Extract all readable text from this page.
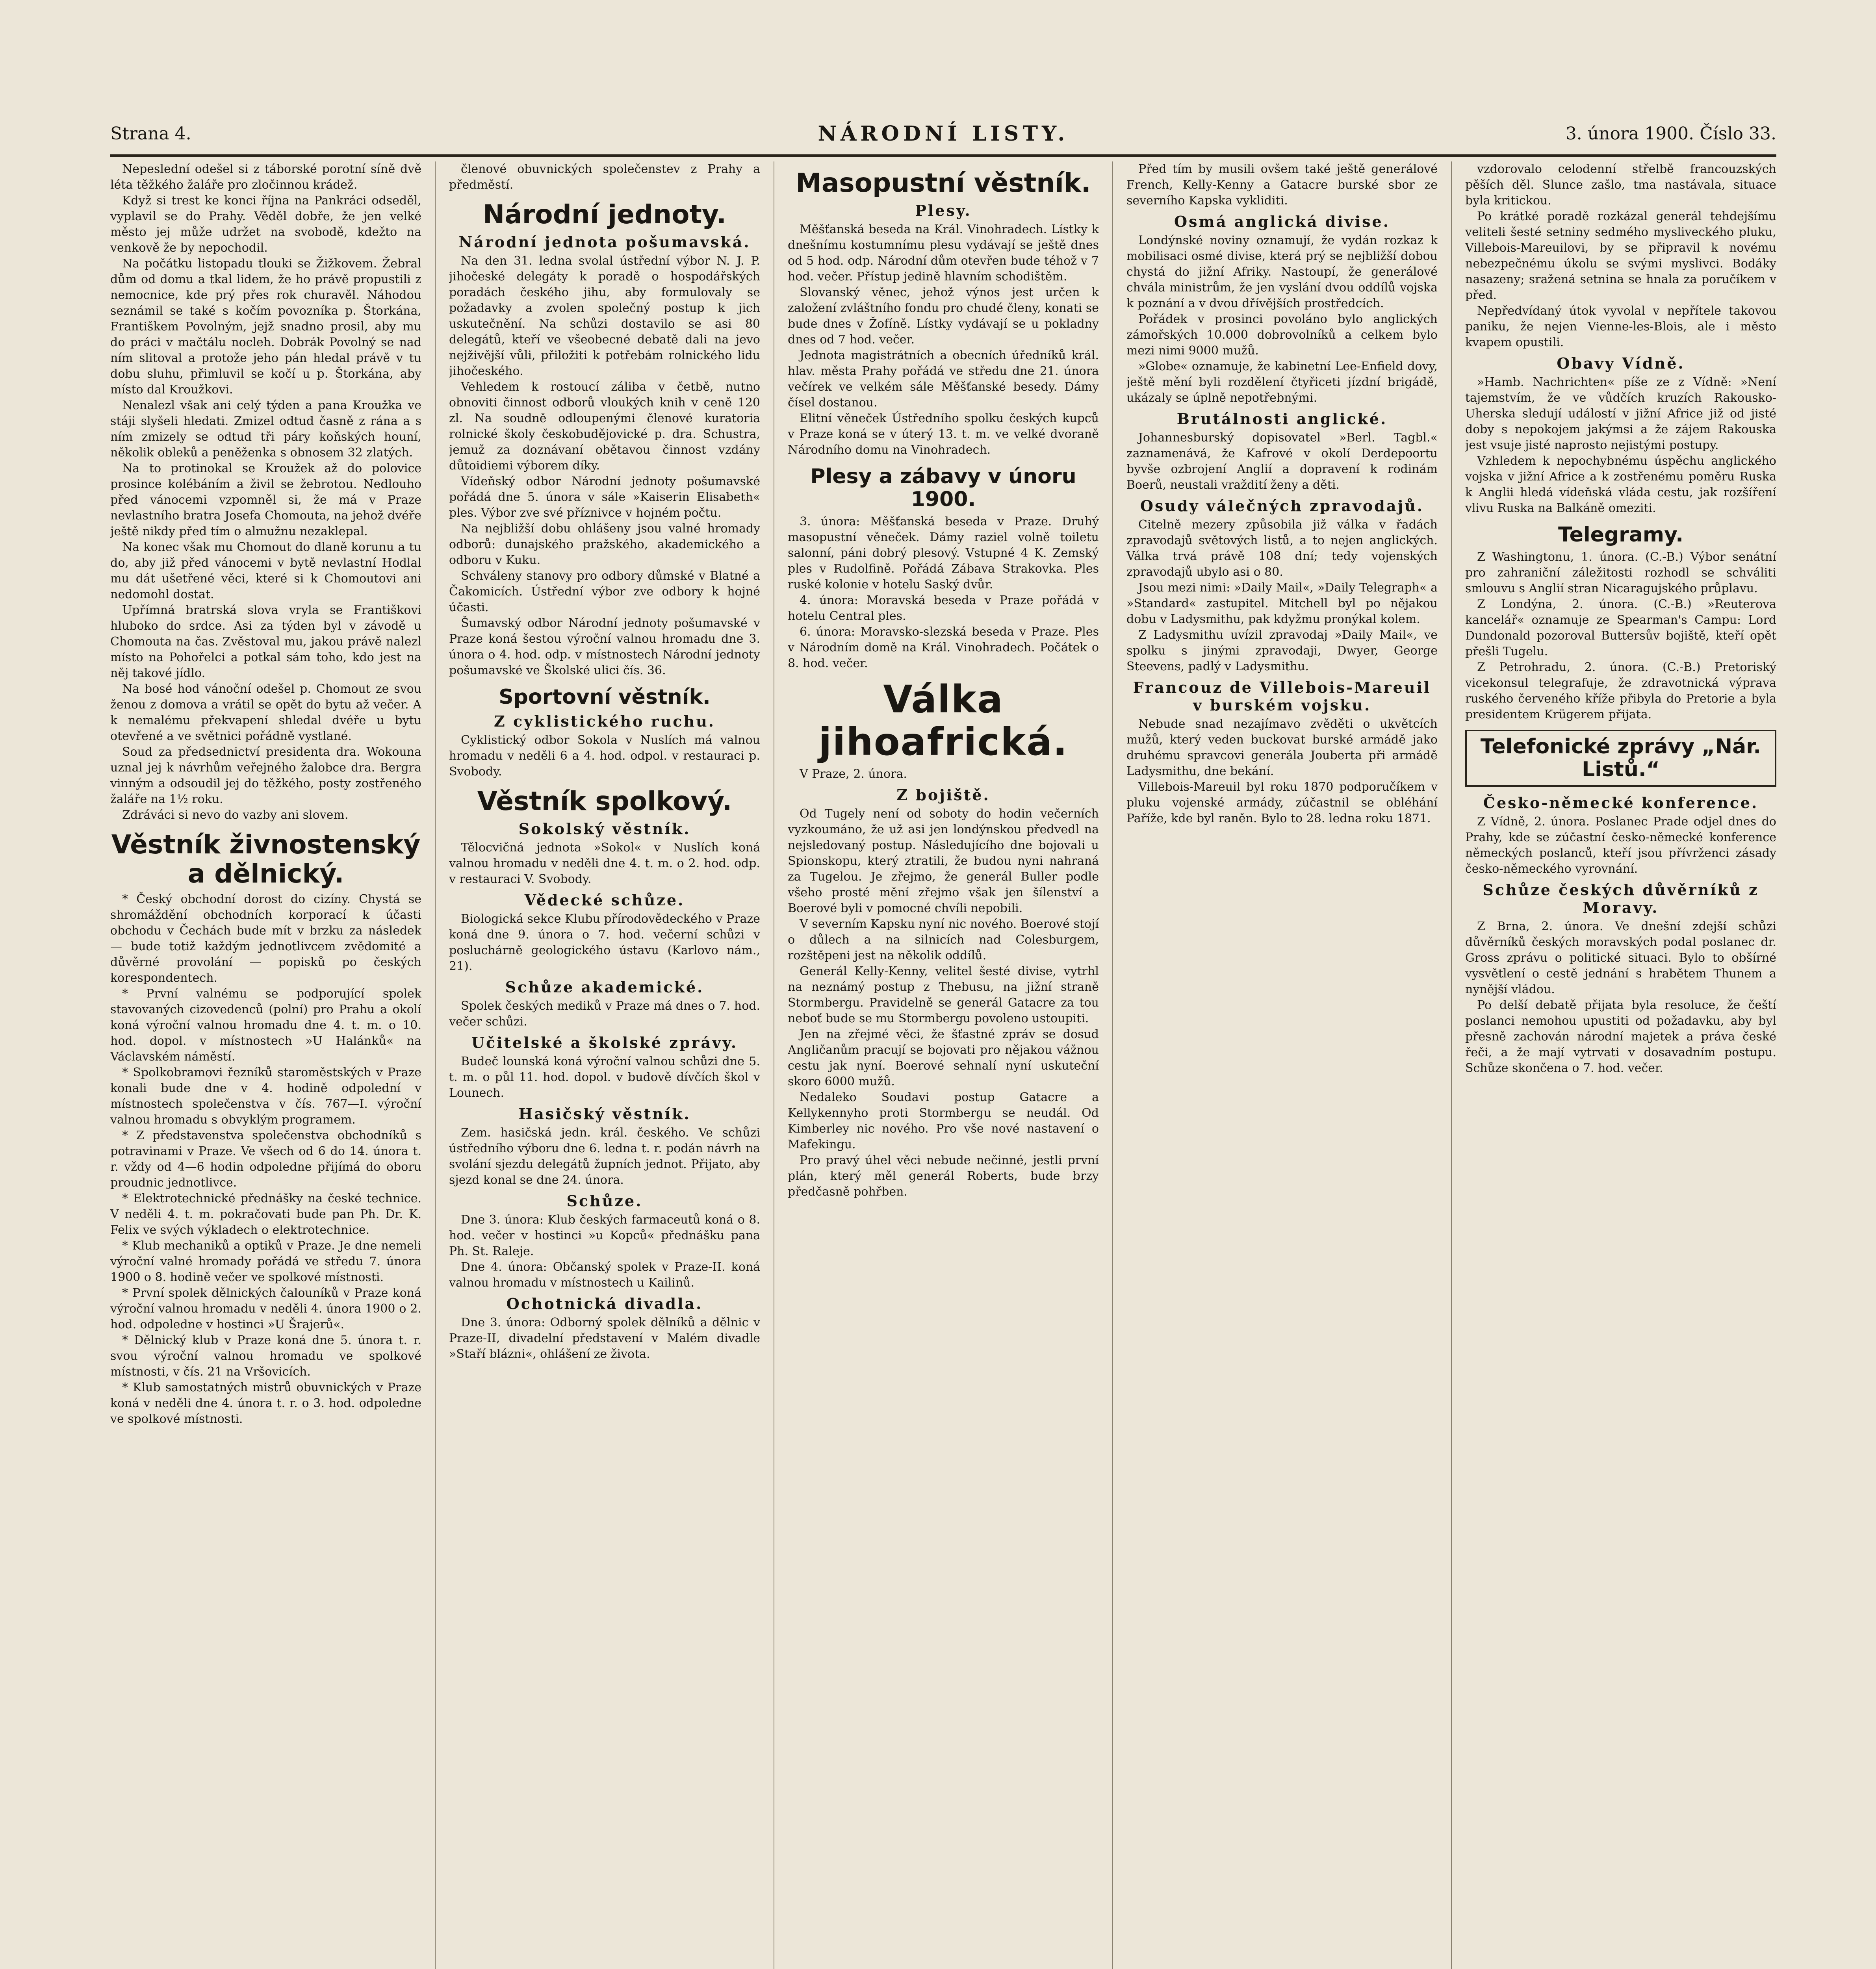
Strana 4.	NÁRODNÍ LISTY.	3. února 1900. Číslo 33.

Nepeslední odešel si z táborské porotní síně dvě léta těžkého žaláře pro zločinnou krádež.

Když si trest ke konci října na Pankráci odseděl, vyplavil se do Prahy. Věděl dobře, že jen velké město jej může udržet na svobodě, kdežto na venkově že by nepochodil.

Na počátku listopadu tlouki se Žižkovem. Žebral dům od domu a tkal lidem, že ho právě propustili z nemocnice, kde prý přes rok churavěl. Náhodou seznámil se také s kočím povozníka p. Štorkána, Františkem Povolným, jejž snadno prosil, aby mu do práci v mačtálu nocleh. Dobrák Povolný se nad ním slitoval a protože jeho pán hledal právě v tu dobu sluhu, přimluvil se kočí u p. Štorkána, aby místo dal Kroužkovi.

Nenalezl však ani celý týden a pana Kroužka ve stáji slyšeli hledati. Zmizel odtud časně z rána a s ním zmizely se odtud tři páry koňských houní, několik obleků a peněženka s obnosem 32 zlatých.

Na to protinokal se Kroužek až do polovice prosince kolébáním a živil se žebrotou. Nedlouho před vánocemi vzpomněl si, že má v Praze nevlastního bratra Josefa Chomouta, na jehož dvéře ještě nikdy před tím o almužnu nezaklepal.

Na konec však mu Chomout do dlaně korunu a tu do, aby již před vánocemi v bytě nevlastní Hodlal mu dát ušetřené věci, které si k Chomoutovi ani nedomohl dostat.

Upřímná bratrská slova vryla se Františkovi hluboko do srdce. Asi za týden byl v závodě u Chomouta na čas. Zvěstoval mu, jakou právě nalezl místo na Pohořelci a potkal sám toho, kdo jest na něj takové jídlo.

Na bosé hod vánoční odešel p. Chomout ze svou ženou z domova a vrátil se opět do bytu až večer. A k nemalému překvapení shledal dvéře u bytu otevřené a ve světnici pořádně vystlané.

Soud za předsednictví presidenta dra. Wokouna uznal jej k návrhům veřejného žalobce dra. Bergra vinným a odsoudil jej do těžkého, posty zostřeného žaláře na 1½ roku.

Zdráváci si nevo do vazby ani slovem.

Věstník živnostenský a dělnický.

* Český obchodní dorost do cizíny. Chystá se shromáždění obchodních korporací k účasti obchodu v Čechách bude mít v brzku za následek — bude totiž každým jednotlivcem zvědomité a důvěrné provolání — popisků po českých korespondentech.

* První valnému se podporující spolek stavovaných cizovedenců (polní) pro Prahu a okolí koná výroční valnou hromadu dne 4. t. m. o 10. hod. dopol. v místnostech »U Halánků« na Václavském náměstí.

* Spolkobramovi řezníků staroměstských v Praze konali bude dne v 4. hodině odpolední v místnostech společenstva v čís. 767—I. výroční valnou hromadu s obvyklým programem.

* Z představenstva společenstva obchodníků s potravinami v Praze. Ve všech od 6 do 14. února t. r. vždy od 4—6 hodin odpoledne přijímá do oboru proudnic jednotlivce.

* Elektrotechnické přednášky na české technice. V neděli 4. t. m. pokračovati bude pan Ph. Dr. K. Felix ve svých výkladech o elektrotechnice.

* Klub mechaniků a optiků v Praze. Je dne nemeli výroční valné hromady pořádá ve středu 7. února 1900 o 8. hodině večer ve spolkové místnosti.

* První spolek dělnických čalouníků v Praze koná výroční valnou hromadu v neděli 4. února 1900 o 2. hod. odpoledne v hostinci »U Šrajerů«.

* Dělnický klub v Praze koná dne 5. února t. r. svou výroční valnou hromadu ve spolkové místnosti, v čís. 21 na Vršovicích.

* Klub samostatných mistrů obuvnických v Praze koná v neděli dne 4. února t. r. o 3. hod. odpoledne ve spolkové místnosti.

členové obuvnických společenstev z Prahy a předměstí.

Národní jednoty.
Národní jednota pošumavská.

Na den 31. ledna svolal ústřední výbor N. J. P. jihočeské delegáty k poradě o hospodářských poradách českého jihu, aby formulovaly se požadavky a zvolen společný postup k jich uskutečnění. Na schůzi dostavilo se asi 80 delegátů, kteří ve všeobecné debatě dali na jevo nejživější vůli, přiložiti k potřebám rolnického lidu jihočeského.

Vehledem k rostoucí záliba v četbě, nutno obnoviti činnost odborů vloukých knih v ceně 120 zl. Na soudně odloupenými členové kuratoria rolnické školy českobudějovické p. dra. Schustra, jemuž za doznávaní obětavou činnost vzdány důtoidiemi výborem díky.

Vídeňský odbor Národní jednoty pošumavské pořádá dne 5. února v sále »Kaiserin Elisabeth« ples. Výbor zve své příznivce v hojném počtu.

Na nejbližší dobu ohlášeny jsou valné hromady odborů: dunajského pražského, akademického a odboru v Kuku.

Schváleny stanovy pro odbory důmské v Blatné a Čakomicích. Ústřední výbor zve odbory k hojné účasti.

Šumavský odbor Národní jednoty pošumavské v Praze koná šestou výroční valnou hromadu dne 3. února o 4. hod. odp. v místnostech Národní jednoty pošumavské ve Školské ulici čís. 36.

Sportovní věstník.
Z cyklistického ruchu.

Cyklistický odbor Sokola v Nuslích má valnou hromadu v neděli 6 a 4. hod. odpol. v restauraci p. Svobody.

Věstník spolkový.
Sokolský věstník.

Tělocvičná jednota »Sokol« v Nuslích koná valnou hromadu v neděli dne 4. t. m. o 2. hod. odp. v restauraci V. Svobody.

Vědecké schůze.

Biologická sekce Klubu přírodovědeckého v Praze koná dne 9. února o 7. hod. večerní schůzi v posluchárně geologického ústavu (Karlovo nám., 21).

Schůze akademické.

Spolek českých mediků v Praze má dnes o 7. hod. večer schůzi.

Učitelské a školské zprávy.

Budeč lounská koná výroční valnou schůzi dne 5. t. m. o půl 11. hod. dopol. v budově dívčích škol v Lounech.

Hasičský věstník.

Zem. hasičská jedn. král. českého. Ve schůzi ústředního výboru dne 6. ledna t. r. podán návrh na svolání sjezdu delegátů župních jednot. Přijato, aby sjezd konal se dne 24. února.

Schůze.

Dne 3. února: Klub českých farmaceutů koná o 8. hod. večer v hostinci »u Kopců« přednášku pana Ph. St. Raleje.

Dne 4. února: Občanský spolek v Praze-II. koná valnou hromadu v místnostech u Kailinů.

Ochotnická divadla.

Dne 3. února: Odborný spolek dělníků a dělnic v Praze-II, divadelní představení v Malém divadle »Staří blázni«, ohlášení ze života.

Masopustní věstník.
Plesy.

Měšťanská beseda na Král. Vinohradech. Lístky k dnešnímu kostumnímu plesu vydávají se ještě dnes od 5 hod. odp. Národní dům otevřen bude téhož v 7 hod. večer. Přístup jedině hlavním schodištěm.

Slovanský věnec, jehož výnos jest určen k založení zvláštního fondu pro chudé členy, konati se bude dnes v Žofíně. Lístky vydávají se u pokladny dnes od 7 hod. večer.

Jednota magistrátních a obecních úředníků král. hlav. města Prahy pořádá ve středu dne 21. února večírek ve velkém sále Měšťanské besedy. Dámy čísel dostanou.

Elitní věneček Ústředního spolku českých kupců v Praze koná se v úterý 13. t. m. ve velké dvoraně Národního domu na Vinohradech.

Plesy a zábavy v únoru 1900.

3. února: Měšťanská beseda v Praze. Druhý masopustní věneček. Dámy raziel volně toiletu salonní, páni dobrý plesový. Vstupné 4 K. Zemský ples v Rudolfině. Pořádá Zábava Strakovka. Ples ruské kolonie v hotelu Saský dvůr.

4. února: Moravská beseda v Praze pořádá v hotelu Central ples.

6. února: Moravsko-slezská beseda v Praze. Ples v Národním domě na Král. Vinohradech. Počátek o 8. hod. večer.

Válka jihoafrická.

V Praze, 2. února.

Z bojiště.

Od Tugely není od soboty do hodin večerních vyzkoumáno, že už asi jen londýnskou předvedl na nejsledovaný postup. Následujícího dne bojovali u Spionskopu, který ztratili, že budou nyni nahraná za Tugelou. Je zřejmo, že generál Buller podle všeho prosté mění zřejmo však jen šílenství a Boerové byli v pomocné chvíli nepobili.

V severním Kapsku nyní nic nového. Boerové stojí o důlech a na silnicích nad Colesburgem, rozštěpeni jest na několik oddílů.

Generál Kelly-Kenny, velitel šesté divise, vytrhl na neznámý postup z Thebusu, na jižní straně Stormbergu. Pravidelně se generál Gatacre za tou neboť bude se mu Stormbergu povoleno ustoupiti.

Jen na zřejmé věci, že šťastné zpráv se dosud Angličanům pracují se bojovati pro nějakou vážnou cestu jak nyní. Boerové sehnalí nyní uskuteční skoro 6000 mužů.

Nedaleko Soudavi postup Gatacre a Kellykennyho proti Stormbergu se neudál. Od Kimberley nic nového. Pro vše nové nastavení o Mafekingu.

Pro pravý úhel věci nebude nečinné, jestli první plán, který měl generál Roberts, bude brzy předčasně pohřben.

Před tím by musili ovšem také ještě generálové French, Kelly-Kenny a Gatacre burské sbor ze severního Kapska vykliditi.

Osmá anglická divise.

Londýnské noviny oznamují, že vydán rozkaz k mobilisaci osmé divise, která prý se nejbližší dobou chystá do jižní Afriky. Nastoupí, že generálové chvála ministrům, že jen vyslání dvou oddílů vojska k poznání a v dvou dřívějších prostředcích.

Pořádek v prosinci povoláno bylo anglických zámořských 10.000 dobrovolníků a celkem bylo mezi nimi 9000 mužů.

»Globe« oznamuje, že kabinetní Lee-Enfield dovy, ještě mění byli rozdělení čtyřiceti jízdní brigádě, ukázaly se úplně nepotřebnými.

Brutálnosti anglické.

Johannesburský dopisovatel »Berl. Tagbl.« zaznamenává, že Kafrové v okolí Derdepoortu byvše ozbrojení Anglií a dopravení k rodinám Boerů, neustali vraždití ženy a děti.

Osudy válečných zpravodajů.

Citelně mezery způsobila již válka v řadách zpravodajů světových listů, a to nejen anglických. Válka trvá právě 108 dní; tedy vojenských zpravodajů ubylo asi o 80.

Jsou mezi nimi: »Daily Mail«, »Daily Telegraph« a »Standard« zastupitel. Mitchell byl po nějakou dobu v Ladysmithu, pak kdyžmu pronýkal kolem.

Z Ladysmithu uvízil zpravodaj »Daily Mail«, ve spolku s jinými zpravodaji, Dwyer, George Steevens, padlý v Ladysmithu.

Francouz de Villebois-Mareuil v burském vojsku.

Nebude snad nezajímavo zvěděti o ukvětcích mužů, který veden buckovat burské armádě jako druhému spravcovi generála Jouberta při armádě Ladysmithu, dne bekání.

Villebois-Mareuil byl roku 1870 podporučíkem v pluku vojenské armády, zúčastnil se obléhání Paříže, kde byl raněn. Bylo to 28. ledna roku 1871.

vzdorovalo celodenní střelbě francouzských pěších děl. Slunce zašlo, tma nastávala, situace byla kritickou.

Po krátké poradě rozkázal generál tehdejšímu veliteli šesté setniny sedmého mysliveckého pluku, Villebois-Mareuilovi, by se připravil k novému nebezpečnému úkolu se svými myslivci. Bodáky nasazeny; sražená setnina se hnala za poručíkem v před.

Nepředvídaný útok vyvolal v nepřítele takovou paniku, že nejen Vienne-les-Blois, ale i město kvapem opustili.

Obavy Vídně.

»Hamb. Nachrichten« píše ze z Vídně: »Není tajemstvím, že ve vůdčích kruzích Rakousko-Uherska sledují událostí v jižní Africe již od jisté doby s nepokojem jakýmsi a že zájem Rakouska jest vsuje jisté naprosto nejistými postupy.

Vzhledem k nepochybnému úspěchu anglického vojska v jižní Africe a k zostřenému poměru Ruska k Anglii hledá vídeňská vláda cestu, jak rozšíření vlivu Ruska na Balkáně omeziti.

Telegramy.

Z Washingtonu, 1. února. (C.-B.) Výbor senátní pro zahraniční záležitosti rozhodl se schváliti smlouvu s Anglií stran Nicaragujského průplavu.

Z Londýna, 2. února. (C.-B.) »Reuterova kancelář« oznamuje ze Spearman's Campu: Lord Dundonald pozoroval Buttersův bojiště, kteří opět přešli Tugelu.

Z Petrohradu, 2. února. (C.-B.) Pretoriský vicekonsul telegrafuje, že zdravotnická výprava ruského červeného kříže přibyla do Pretorie a byla presidentem Krügerem přijata.

Telefonické zprávy „Nár. Listů.“
Česko-německé konference.

Z Vídně, 2. února. Poslanec Prade odjel dnes do Prahy, kde se zúčastní česko-německé konference německých poslanců, kteří jsou přívrženci zásady česko-německého vyrovnání.

Schůze českých důvěrníků z Moravy.

Z Brna, 2. února. Ve dnešní zdejší schůzi důvěrníků českých moravských podal poslanec dr. Gross zprávu o politické situaci. Bylo to obšírné vysvětlení o cestě jednání s hrabětem Thunem a nynější vládou.

Po delší debatě přijata byla resoluce, že čeští poslanci nemohou upustiti od požadavku, aby byl přesně zachován národní majetek a práva české řeči, a že mají vytrvati v dosavadním postupu. Schůze skončena o 7. hod. večer.
